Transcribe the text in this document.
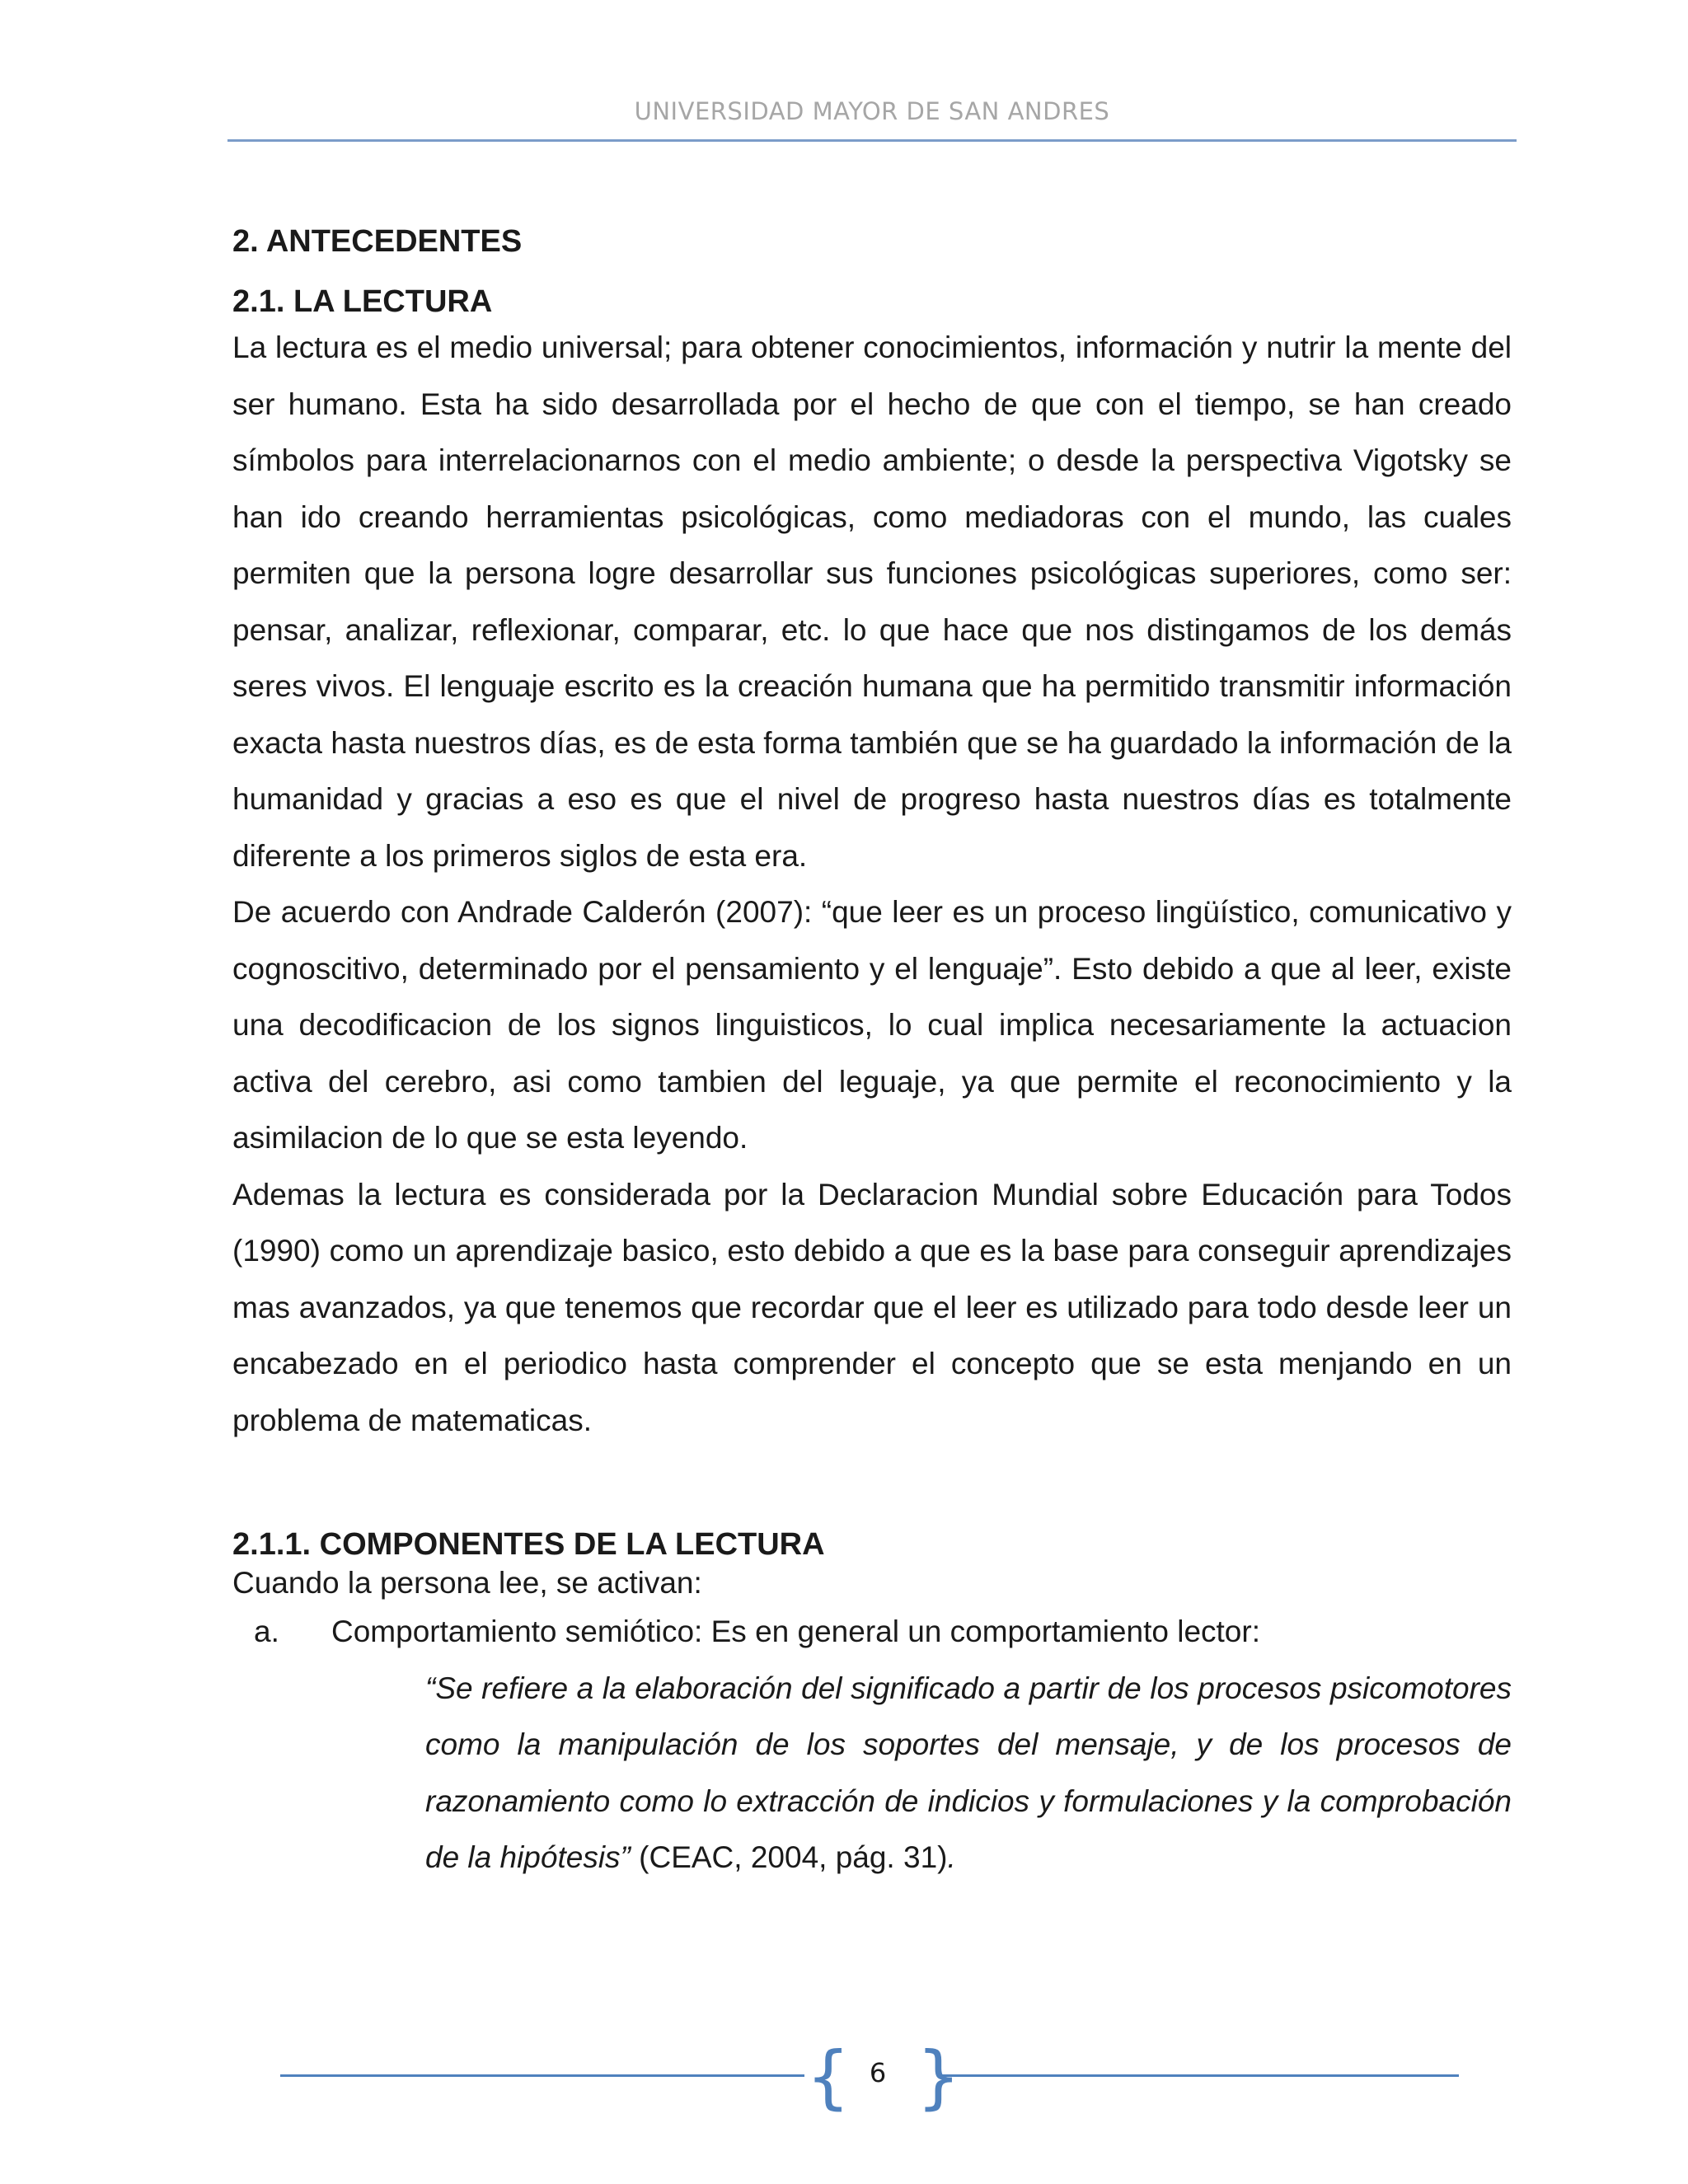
UNIVERSIDAD MAYOR DE SAN ANDRES
2. ANTECEDENTES
2.1. LA LECTURA

La lectura es el medio universal; para obtener conocimientos, información y nutrir la mente del ser humano. Esta ha sido desarrollada por el hecho de que con el tiempo, se han creado símbolos para interrelacionarnos con el medio ambiente; o desde la perspectiva Vigotsky se han ido creando herramientas psicológicas, como mediadoras con el mundo, las cuales permiten que la persona logre desarrollar sus funciones psicológicas superiores, como ser: pensar, analizar, reflexionar, comparar, etc. lo que hace que nos distingamos de los demás seres vivos. El lenguaje escrito es la creación humana que ha permitido transmitir información exacta hasta nuestros días, es de esta forma también que se ha guardado la información de la humanidad y gracias a eso es que el nivel de progreso hasta nuestros días es totalmente diferente a los primeros siglos de esta era.

De acuerdo con Andrade Calderón (2007): “que leer es un proceso lingüístico, comunicativo y cognoscitivo, determinado por el pensamiento y el lenguaje”. Esto debido a que al leer, existe una decodificacion de los signos linguisticos, lo cual implica necesariamente la actuacion activa del cerebro, asi como tambien del leguaje, ya que permite el reconocimiento y la asimilacion de lo que se esta leyendo.

Ademas la lectura es considerada por la Declaracion Mundial sobre Educación para Todos (1990) como un aprendizaje basico, esto debido a que es la base para conseguir aprendizajes mas avanzados, ya que tenemos que recordar que el leer es utilizado para todo desde leer un encabezado en el periodico hasta comprender el concepto que se esta menjando en un problema de matematicas.

2.1.1. COMPONENTES DE LA LECTURA

Cuando la persona lee, se activan:

a. Comportamiento semiótico: Es en general un comportamiento lector:

“Se refiere a la elaboración del significado a partir de los procesos psicomotores como la manipulación de los soportes del mensaje, y de los procesos de razonamiento como lo extracción de indicios y formulaciones y la comprobación de la hipótesis” (CEAC, 2004, pág. 31).

{ 6 }
